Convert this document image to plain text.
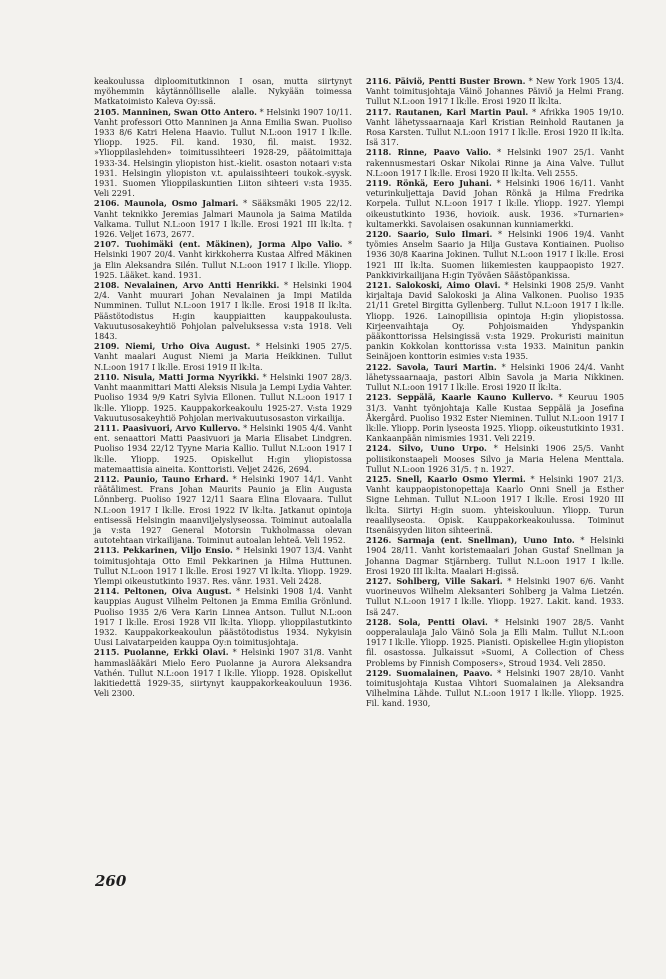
keakoulussa diploomitutkinnon I osan, mutta siirtynyt myöhemmin käytännölliselle alalle. Nykyään toimessa Matkatoimisto Kaleva Oy:ssä.

2105. Manninen, Swan Otto Antero. * Helsinki 1907 10/11. Vanht professori Otto Manninen ja Anna Emilia Swan. Puoliso 1933 8/6 Katri Helena Haavio. Tullut N.L:oon 1917 I lk:lle. Yliopp. 1925. Fil. kand. 1930, fil. maist. 1932. »Ylioppilaslehden» toimitussihteeri 1928-29, päätoimittaja 1933-34. Helsingin yliopiston hist.-kielit. osaston notaari v:sta 1931. Helsingin yliopiston v.t. apulaissihteeri toukok.-syysk. 1931. Suomen Ylioppilaskuntien Liiton sihteeri v:sta 1935. Veli 2291.

2106. Maunola, Osmo Jalmari. * Sääksmäki 1905 22/12. Vanht teknikko Jeremias Jalmari Maunola ja Saima Matilda Valkama. Tullut N.L:oon 1917 I lk:lle. Erosi 1921 III lk:lta. † 1926. Veljet 1673, 2677.

2107. Tuohimäki (ent. Mäkinen), Jorma Alpo Valio. * Helsinki 1907 20/4. Vanht kirkkoherra Kustaa Alfred Mäkinen ja Elin Aleksandra Silén. Tullut N.L:oon 1917 I lk:lle. Yliopp. 1925. Lääket. kand. 1931.

2108. Nevalainen, Arvo Antti Henrikki. * Helsinki 1904 2/4. Vanht muurari Johan Nevalainen ja Impi Matilda Numminen. Tullut N.L:oon 1917 I lk:lle. Erosi 1918 II lk:lta. Päästötodistus H:gin kauppiaitten kauppakoulusta. Vakuutusosakeyhtiö Pohjolan palveluksessa v:sta 1918. Veli 1843.

2109. Niemi, Urho Oiva August. * Helsinki 1905 27/5. Vanht maalari August Niemi ja Maria Heikkinen. Tullut N.L:oon 1917 I lk:lle. Erosi 1919 II lk:lta.

2110. Nisula, Matti Jorma Nyyrikki. * Helsinki 1907 28/3. Vanht maanmittari Matti Aleksis Nisula ja Lempi Lydia Vahter. Puoliso 1934 9/9 Katri Sylvia Ellonen. Tullut N.L:oon 1917 I lk:lle. Yliopp. 1925. Kauppakorkeakoulu 1925-27. V:sta 1929 Vakuutusosakeyhtiö Pohjolan merivakuutusosaston virkailija.

2111. Paasivuori, Arvo Kullervo. * Helsinki 1905 4/4. Vanht ent. senaattori Matti Paasivuori ja Maria Elisabet Lindgren. Puoliso 1934 22/12 Tyyne Maria Kallio. Tullut N.L:oon 1917 I lk:lle. Yliopp. 1925. Opiskellut H:gin yliopistossa matemaattisia aineita. Konttoristi. Veljet 2426, 2694.

2112. Paunio, Tauno Erhard. * Helsinki 1907 14/1. Vanht räätälimest. Frans Johan Maurits Paunio ja Elin Augusta Lönnberg. Puoliso 1927 12/11 Saara Elina Elovaara. Tullut N.L:oon 1917 I lk:lle. Erosi 1922 IV lk:lta. Jatkanut opintoja entisessä Helsingin maanviljelyslyseossa. Toiminut autoalalla ja v:sta 1927 General Motorsin Tukholmassa olevan autotehtaan virkailijana. Toiminut autoalan lehteä. Veli 1952.

2113. Pekkarinen, Viljo Ensio. * Helsinki 1907 13/4. Vanht toimitusjohtaja Otto Emil Pekkarinen ja Hilma Huttunen. Tullut N.L:oon 1917 I lk:lle. Erosi 1927 VI lk:lta. Yliopp. 1929. Ylempi oikeustutkinto 1937. Res. vänr. 1931. Veli 2428.

2114. Peltonen, Oiva August. * Helsinki 1908 1/4. Vanht kauppias August Vilhelm Peltonen ja Emma Emilia Grönlund. Puoliso 1935 2/6 Vera Karin Linnea Antson. Tullut N.L:oon 1917 I lk:lle. Erosi 1928 VII lk:lta. Yliopp. ylioppilastutkinto 1932. Kauppakorkeakoulun päästötodistus 1934. Nykyisin Uusi Laivatarpeiden kauppa Oy:n toimitusjohtaja.

2115. Puolanne, Erkki Olavi. * Helsinki 1907 31/8. Vanht hammaslääkäri Mielo Eero Puolanne ja Aurora Aleksandra Vathén. Tullut N.L:oon 1917 I lk:lle. Yliopp. 1928. Opiskellut lakitiedettä 1929-35, siirtynyt kauppakorkeakouluun 1936. Veli 2300.

2116. Päiviö, Pentti Buster Brown. * New York 1905 13/4. Vanht toimitusjohtaja Väinö Johannes Päiviö ja Helmi Frang. Tullut N.L:oon 1917 I lk:lle. Erosi 1920 II lk:lta.

2117. Rautanen, Karl Martin Paul. * Afrikka 1905 19/10. Vanht lähetyssaarnaaja Karl Kristian Reinhold Rautanen ja Rosa Karsten. Tullut N.L:oon 1917 I lk:lle. Erosi 1920 II lk:lta. Isä 317.

2118. Rinne, Paavo Valio. * Helsinki 1907 25/1. Vanht rakennusmestari Oskar Nikolai Rinne ja Aina Valve. Tullut N.L:oon 1917 I lk:lle. Erosi 1920 II lk:lta. Veli 2555.

2119. Rönkä, Eero Juhani. * Helsinki 1906 16/11. Vanht veturinkuljettaja David Johan Rönkä ja Hilma Fredrika Korpela. Tullut N.L:oon 1917 I lk:lle. Yliopp. 1927. Ylempi oikeustutkinto 1936, hovioik. ausk. 1936. »Turnarien» kultamerkki. Savolaisen osakunnan kunniamerkki.

2120. Saario, Sulo Ilmari. * Helsinki 1906 19/4. Vanht työmies Anselm Saario ja Hilja Gustava Kontiainen. Puoliso 1936 30/8 Kaarina Jokinen. Tullut N.L:oon 1917 I lk:lle. Erosi 1921 III lk:lta. Suomen liikemiesten kauppaopisto 1927. Pankkivirkailijana H:gin Työväen Säästöpankissa.

2121. Salokoski, Aimo Olavi. * Helsinki 1908 25/9. Vanht kirjaltaja David Salokoski ja Alina Valkonen. Puoliso 1935 21/11 Gretel Birgitta Gyllenberg. Tullut N.L:oon 1917 I lk:lle. Yliopp. 1926. Lainopillisia opintoja H:gin yliopistossa. Kirjeenvaihtaja Oy. Pohjoismaiden Yhdyspankin pääkonttorissa Helsingissä v:sta 1929. Prokuristi mainitun pankin Kokkolan konttorissa v:sta 1933. Mainitun pankin Seinäjoen konttorin esimies v:sta 1935.

2122. Savola, Tauri Martin. * Helsinki 1906 24/4. Vanht lähetyssaarnaaja, pastori Albin Savola ja Maria Nikkinen. Tullut N.L:oon 1917 I lk:lle. Erosi 1920 II lk:lta.

2123. Seppälä, Kaarle Kauno Kullervo. * Keuruu 1905 31/3. Vanht työnjohtaja Kalle Kustaa Seppälä ja Josefina Åkergård. Puoliso 1932 Ester Nieminen. Tullut N.L:oon 1917 I lk:lle. Yliopp. Porin lyseosta 1925. Yliopp. oikeustutkinto 1931. Kankaanpään nimismies 1931. Veli 2219.

2124. Silvo, Uuno Urpo. * Helsinki 1906 25/5. Vanht poliisikonstaapeli Mooses Silvo ja Maria Helena Menttala. Tullut N.L:oon 1926 31/5. † n. 1927.

2125. Snell, Kaarlo Osmo Ylermi. * Helsinki 1907 21/3. Vanht kauppaopistonopettaja Kaarlo Onni Snell ja Esther Signe Lehman. Tullut N.L:oon 1917 I lk:lle. Erosi 1920 III lk:lta. Siirtyi H:gin suom. yhteiskouluun. Yliopp. Turun reaalilyseosta. Opisk. Kauppakorkeakoulussa. Toiminut Itsenäisyyden liiton sihteerinä.

2126. Sarmaja (ent. Snellman), Uuno Into. * Helsinki 1904 28/11. Vanht koristemaalari Johan Gustaf Snellman ja Johanna Dagmar Stjärnberg. Tullut N.L:oon 1917 I lk:lle. Erosi 1920 III lk:lta. Maalari H:gissä.

2127. Sohlberg, Ville Sakari. * Helsinki 1907 6/6. Vanht vuorineuvos Wilhelm Aleksanteri Sohlberg ja Valma Lietzén. Tullut N.L:oon 1917 I lk:lle. Yliopp. 1927. Lakit. kand. 1933. Isä 247.

2128. Sola, Pentti Olavi. * Helsinki 1907 28/5. Vanht oopperalaulaja Jalo Väinö Sola ja Elli Malm. Tullut N.L:oon 1917 I lk:lle. Yliopp. 1925. Pianisti. Opiskellee H:gin yliopiston fil. osastossa. Julkaissut »Suomi, A Collection of Chess Problems by Finnish Composers», Stroud 1934. Veli 2850.

2129. Suomalainen, Paavo. * Helsinki 1907 28/10. Vanht toimitusjohtaja Kustaa Vihtori Suomalainen ja Aleksandra Vilhelmina Lähde. Tullut N.L:oon 1917 I lk:lle. Yliopp. 1925. Fil. kand. 1930,

260
